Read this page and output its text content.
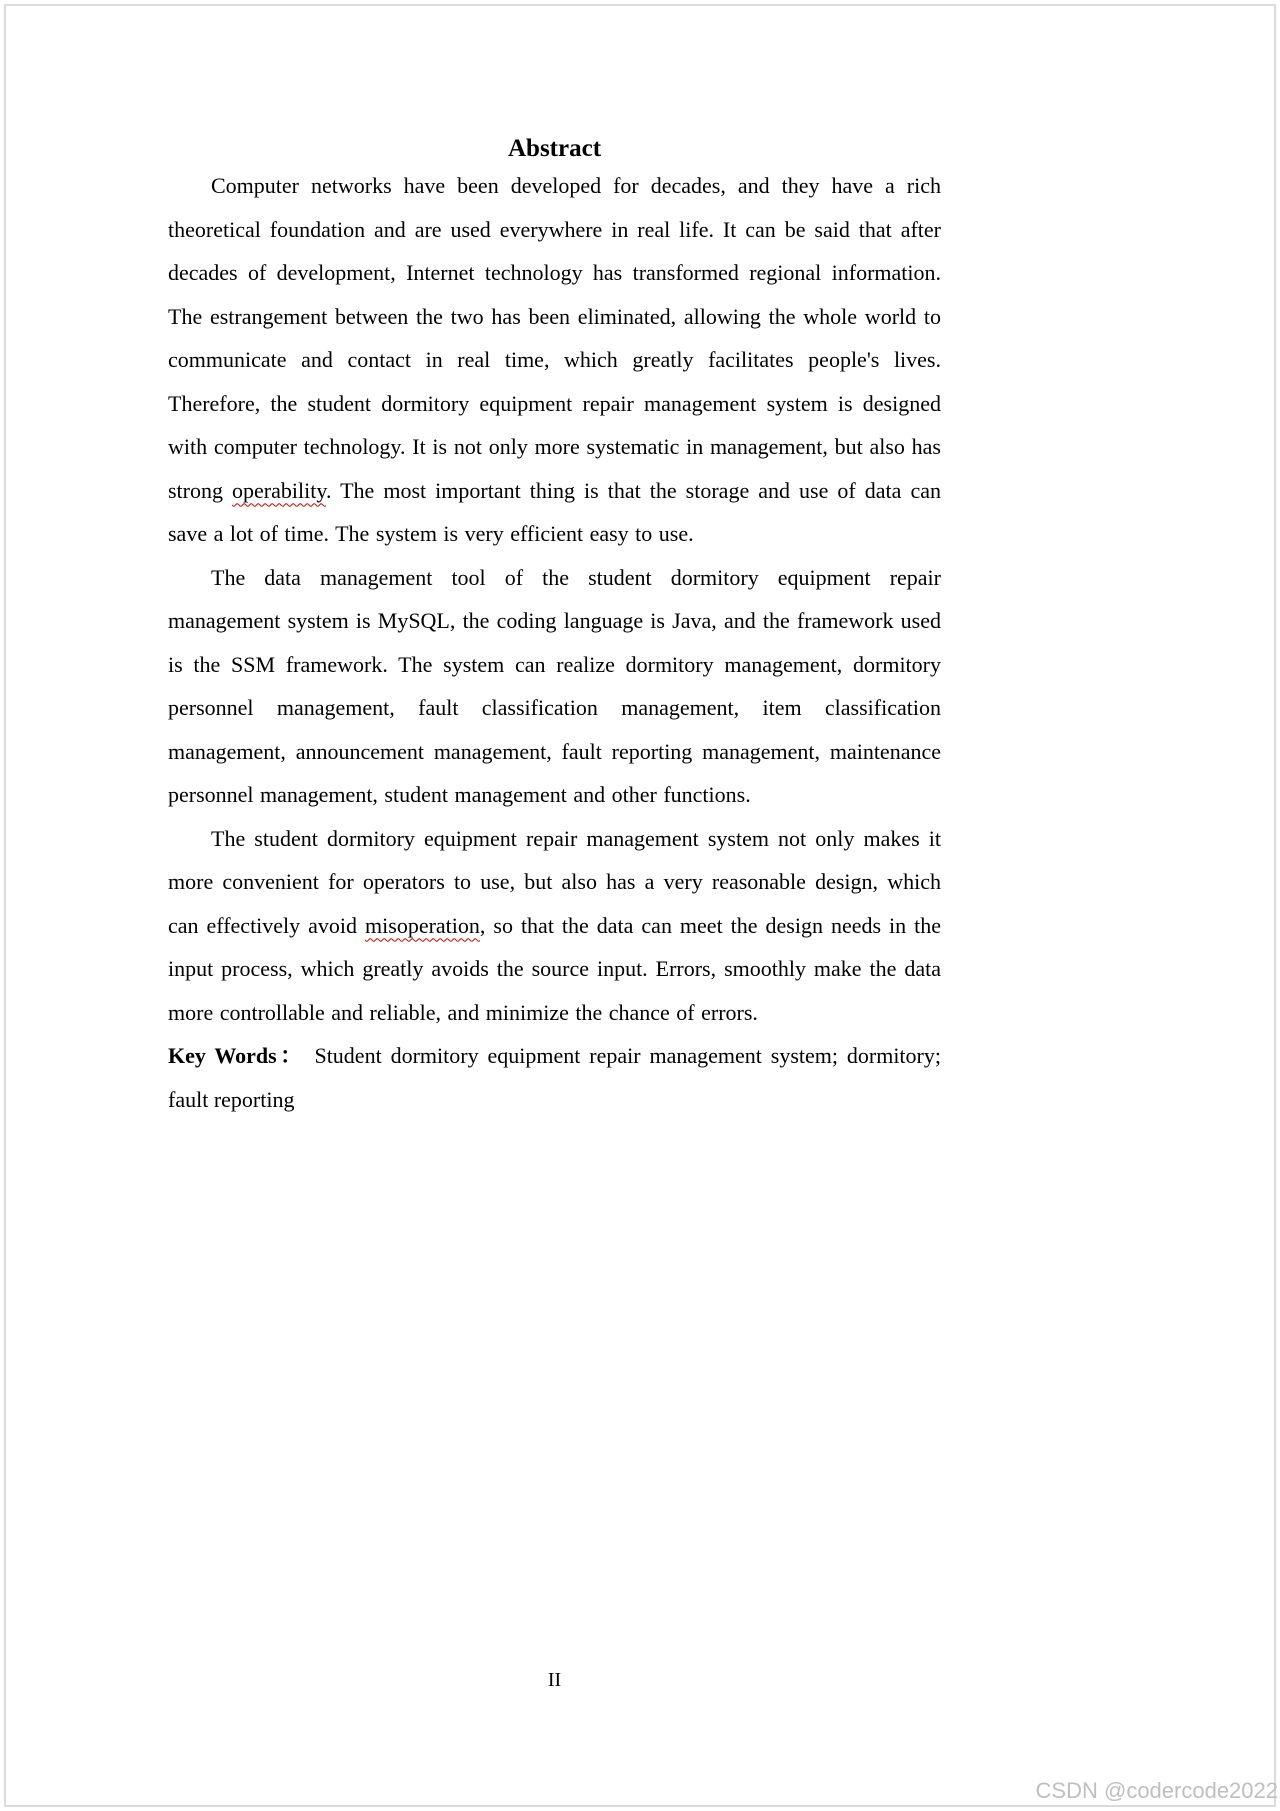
Abstract

Computer networks have been developed for decades, and they have a rich theoretical foundation and are used everywhere in real life. It can be said that after decades of development, Internet technology has transformed regional information. The estrangement between the two has been eliminated, allowing the whole world to communicate and contact in real time, which greatly facilitates people's lives. Therefore, the student dormitory equipment repair management system is designed with computer technology. It is not only more systematic in management, but also has strong operability. The most important thing is that the storage and use of data can save a lot of time. The system is very efficient easy to use.

The data management tool of the student dormitory equipment repair management system is MySQL, the coding language is Java, and the framework used is the SSM framework. The system can realize dormitory management, dormitory personnel management, fault classification management, item classification management, announcement management, fault reporting management, maintenance personnel management, student management and other functions.

The student dormitory equipment repair management system not only makes it more convenient for operators to use, but also has a very reasonable design, which can effectively avoid misoperation, so that the data can meet the design needs in the input process, which greatly avoids the source input. Errors, smoothly make the data more controllable and reliable, and minimize the chance of errors.

Key Words： Student dormitory equipment repair management system; dormitory; fault reporting

II
CSDN @codercode2022
